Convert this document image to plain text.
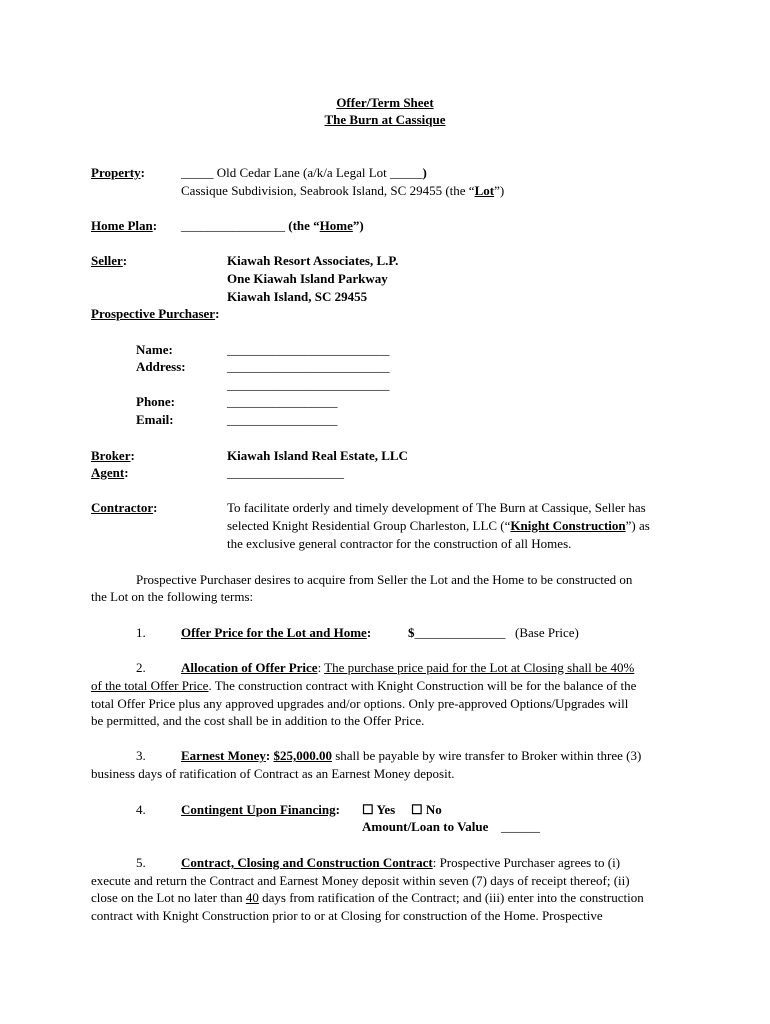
Offer/Term Sheet
The Burn at Cassique
Property:	_____ Old Cedar Lane (a/k/a Legal Lot _____)
Cassique Subdivision, Seabrook Island, SC 29455 (the “Lot”)
Home Plan: ________________ (the “Home”)
Seller:	Kiawah Resort Associates, L.P.
One Kiawah Island Parkway
Kiawah Island, SC 29455
Prospective Purchaser:
Name:	_________________________
Address:	_________________________
_________________________
Phone:	_________________
Email:	_________________
Broker:	Kiawah Island Real Estate, LLC
Agent:	__________________
Contractor:	To facilitate orderly and timely development of The Burn at Cassique, Seller has
selected Knight Residential Group Charleston, LLC (“Knight Construction”) as
the exclusive general contractor for the construction of all Homes.
Prospective Purchaser desires to acquire from Seller the Lot and the Home to be constructed on
the Lot on the following terms:
1.	Offer Price for the Lot and Home:	$______________ (Base Price)
2.	Allocation of Offer Price: The purchase price paid for the Lot at Closing shall be 40%
of the total Offer Price. The construction contract with Knight Construction will be for the balance of the
total Offer Price plus any approved upgrades and/or options. Only pre-approved Options/Upgrades will
be permitted, and the cost shall be in addition to the Offer Price.
3.	Earnest Money: $25,000.00 shall be payable by wire transfer to Broker within three (3)
business days of ratification of Contract as an Earnest Money deposit.
4.	Contingent Upon Financing: ☐ Yes ☐ No
Amount/Loan to Value ______
5.	Contract, Closing and Construction Contract: Prospective Purchaser agrees to (i)
execute and return the Contract and Earnest Money deposit within seven (7) days of receipt thereof; (ii)
close on the Lot no later than 40 days from ratification of the Contract; and (iii) enter into the construction
contract with Knight Construction prior to or at Closing for construction of the Home. Prospective
